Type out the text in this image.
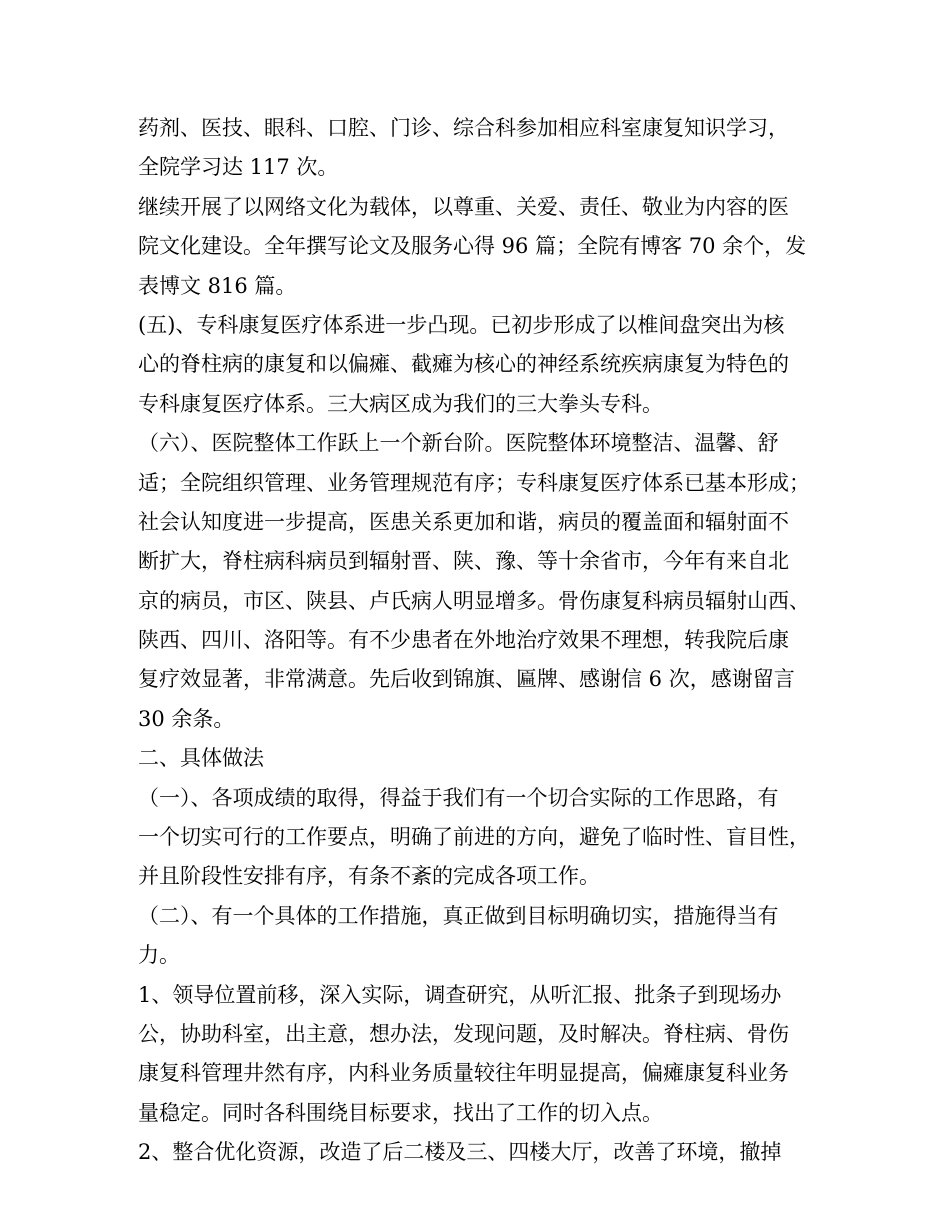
药剂、医技、眼科、口腔、门诊、综合科参加相应科室康复知识学习，
全院学习达 117 次。
继续开展了以网络文化为载体，以尊重、关爱、责任、敬业为内容的医
院文化建设。全年撰写论文及服务心得 96 篇；全院有博客 70 余个，发
表博文 816 篇。
(五)、专科康复医疗体系进一步凸现。已初步形成了以椎间盘突出为核
心的脊柱病的康复和以偏瘫、截瘫为核心的神经系统疾病康复为特色的
专科康复医疗体系。三大病区成为我们的三大拳头专科。
（六）、医院整体工作跃上一个新台阶。医院整体环境整洁、温馨、舒
适；全院组织管理、业务管理规范有序；专科康复医疗体系已基本形成；
社会认知度进一步提高，医患关系更加和谐，病员的覆盖面和辐射面不
断扩大，脊柱病科病员到辐射晋、陕、豫、等十余省市，今年有来自北
京的病员，市区、陕县、卢氏病人明显增多。骨伤康复科病员辐射山西、
陕西、四川、洛阳等。有不少患者在外地治疗效果不理想，转我院后康
复疗效显著，非常满意。先后收到锦旗、匾牌、感谢信 6 次，感谢留言
30 余条。
二、具体做法
（一）、各项成绩的取得，得益于我们有一个切合实际的工作思路，有
一个切实可行的工作要点，明确了前进的方向，避免了临时性、盲目性，
并且阶段性安排有序，有条不紊的完成各项工作。
（二）、有一个具体的工作措施，真正做到目标明确切实，措施得当有
力。
1、领导位置前移，深入实际，调查研究，从听汇报、批条子到现场办
公，协助科室，出主意，想办法，发现问题，及时解决。脊柱病、骨伤
康复科管理井然有序，内科业务质量较往年明显提高，偏瘫康复科业务
量稳定。同时各科围绕目标要求，找出了工作的切入点。
2、整合优化资源，改造了后二楼及三、四楼大厅，改善了环境，撤掉
